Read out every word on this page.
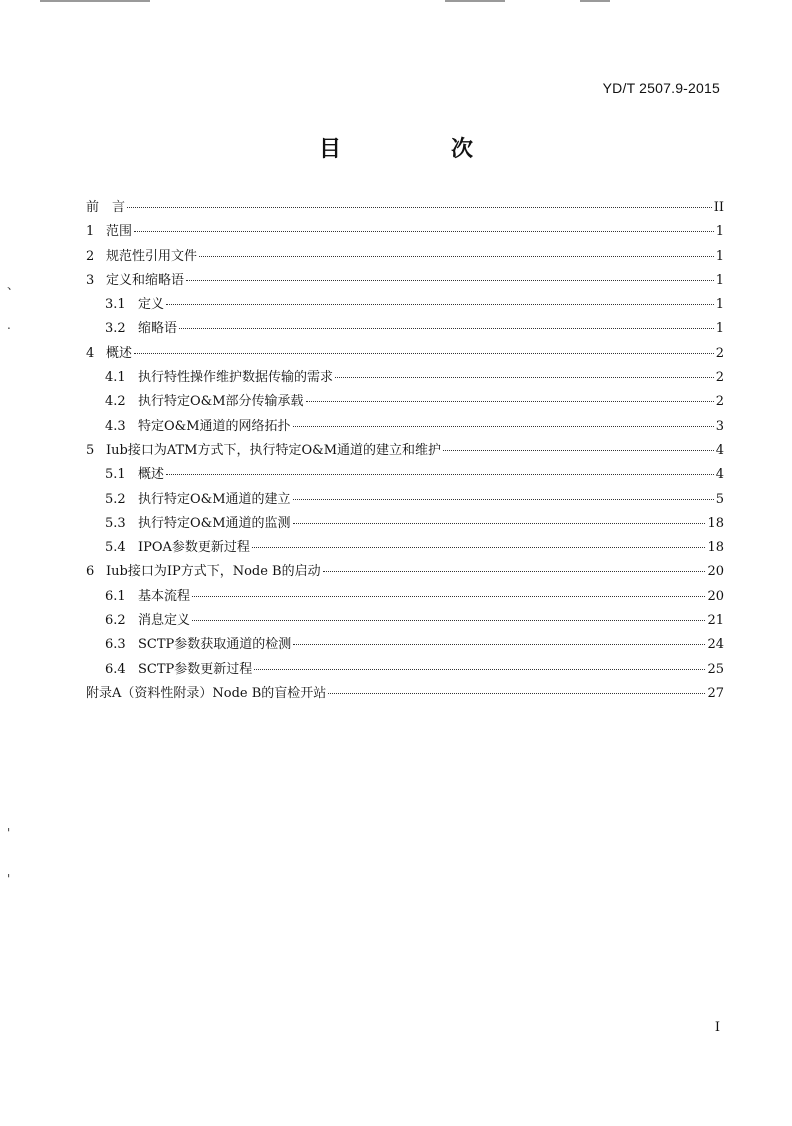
YD/T 2507.9-2015
目　次
前　言	II
1 范围	1
2 规范性引用文件	1
3 定义和缩略语	1
3.1 定义	1
3.2 缩略语	1
4 概述	2
4.1 执行特性操作维护数据传输的需求	2
4.2 执行特定O&M部分传输承载	2
4.3 特定O&M通道的网络拓扑	3
5 Iub接口为ATM方式下，执行特定O&M通道的建立和维护	4
5.1 概述	4
5.2 执行特定O&M通道的建立	5
5.3 执行特定O&M通道的监测	18
5.4 IPOA参数更新过程	18
6 Iub接口为IP方式下，Node B的启动	20
6.1 基本流程	20
6.2 消息定义	21
6.3 SCTP参数获取通道的检测	24
6.4 SCTP参数更新过程	25
附录A（资料性附录）Node B的盲检开站	27
I
、
.
'
'
